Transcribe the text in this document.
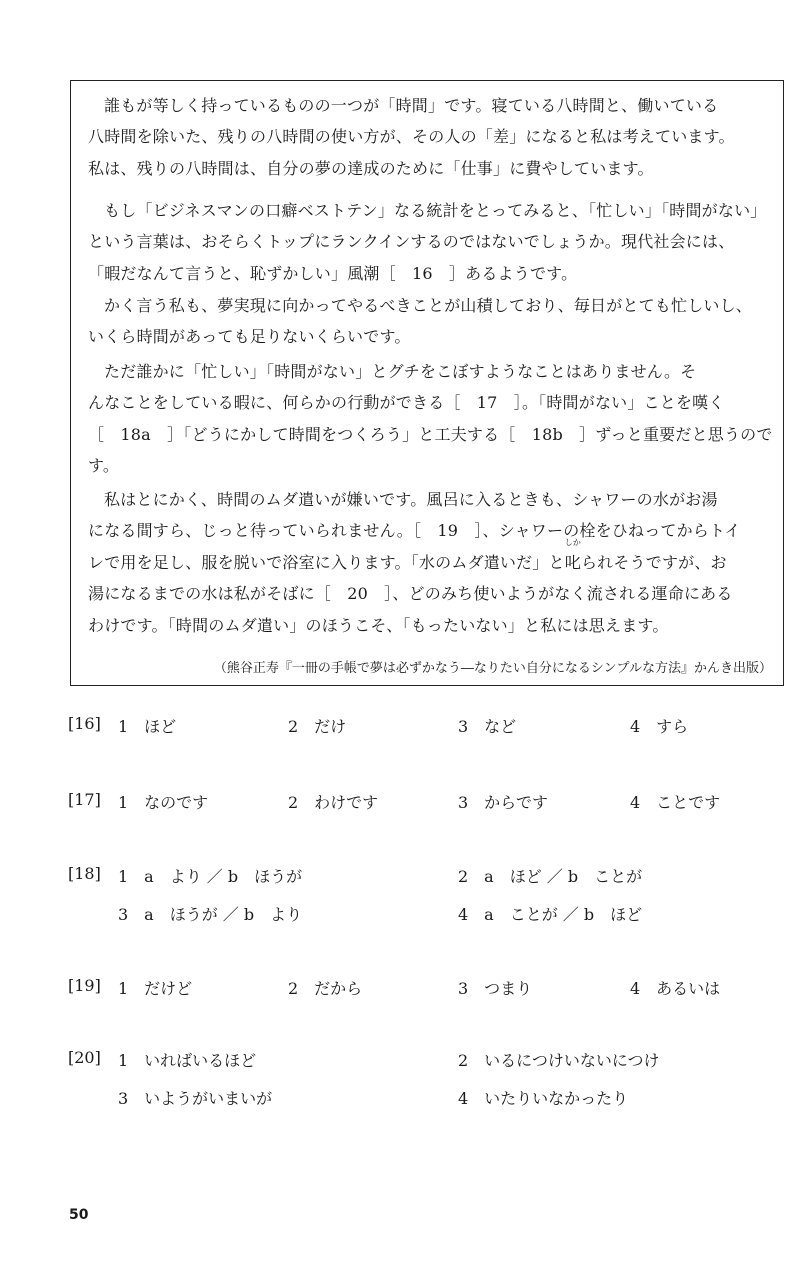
誰もが等しく持っているものの一つが「時間」です。寝ている八時間と、働いている
八時間を除いた、残りの八時間の使い方が、その人の「差」になると私は考えています。
私は、残りの八時間は、自分の夢の達成のために「仕事」に費やしています。
もし「ビジネスマンの口癖ベストテン」なる統計をとってみると、「忙しい」「時間がない」
という言葉は、おそらくトップにランクインするのではないでしょうか。現代社会には、
「暇だなんて言うと、恥ずかしい」風潮［　16　］あるようです。
かく言う私も、夢実現に向かってやるべきことが山積しており、毎日がとても忙しいし、
いくら時間があっても足りないくらいです。
ただ誰かに「忙しい」「時間がない」とグチをこぼすようなことはありません。そ
んなことをしている暇に、何らかの行動ができる［　17　］。「時間がない」ことを嘆く
［　18a　］「どうにかして時間をつくろう」と工夫する［　18b　］ずっと重要だと思うので
す。
私はとにかく、時間のムダ遣いが嫌いです。風呂に入るときも、シャワーの水がお湯
になる間すら、じっと待っていられません。［　19　］、シャワーの栓をひねってからトイ
レで用を足し、服を脱いで浴室に入ります。「水のムダ遣いだ」と
しか
叱られそうですが、お
湯になるまでの水は私がそばに［　20　］、どのみち使いようがなく流される運命にある
わけです。「時間のムダ遣い」のほうこそ、「もったいない」と私には思えます。
（熊谷正寿『一冊の手帳で夢は必ずかなう―なりたい自分になるシンプルな方法』かんき出版）
[16] 1　ほど	2　だけ	3　など	4　すら
[17] 1　なのです	2　わけです	3　からです	4　ことです
[18] 1　a　より ／ b　ほうが	2　a　ほど ／ b　ことが
3　a　ほうが ／ b　より	4　a　ことが ／ b　ほど
[19] 1　だけど	2　だから	3　つまり	4　あるいは
[20] 1　いればいるほど	2　いるにつけいないにつけ
3　いようがいまいが	4　いたりいなかったり
50
